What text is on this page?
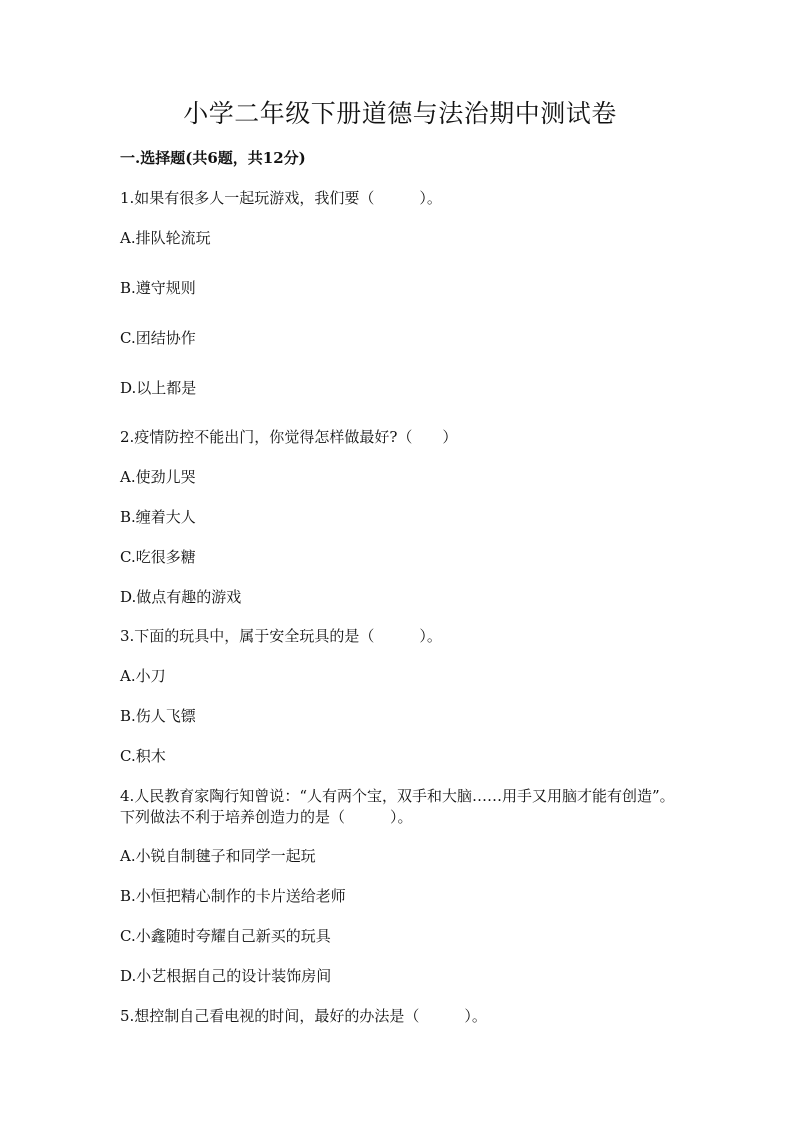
小学二年级下册道德与法治期中测试卷
一.选择题(共6题，共12分)
1.如果有很多人一起玩游戏，我们要（　　　）。
A.排队轮流玩
B.遵守规则
C.团结协作
D.以上都是
2.疫情防控不能出门，你觉得怎样做最好?（　　）
A.使劲儿哭
B.缠着大人
C.吃很多糖
D.做点有趣的游戏
3.下面的玩具中，属于安全玩具的是（　　　）。
A.小刀
B.伤人飞镖
C.积木
4.人民教育家陶行知曾说：“人有两个宝，双手和大脑……用手又用脑才能有创造”。下列做法不利于培养创造力的是（　　　）。
A.小锐自制毽子和同学一起玩
B.小恒把精心制作的卡片送给老师
C.小鑫随时夸耀自己新买的玩具
D.小艺根据自己的设计装饰房间
5.想控制自己看电视的时间，最好的办法是（　　　）。
